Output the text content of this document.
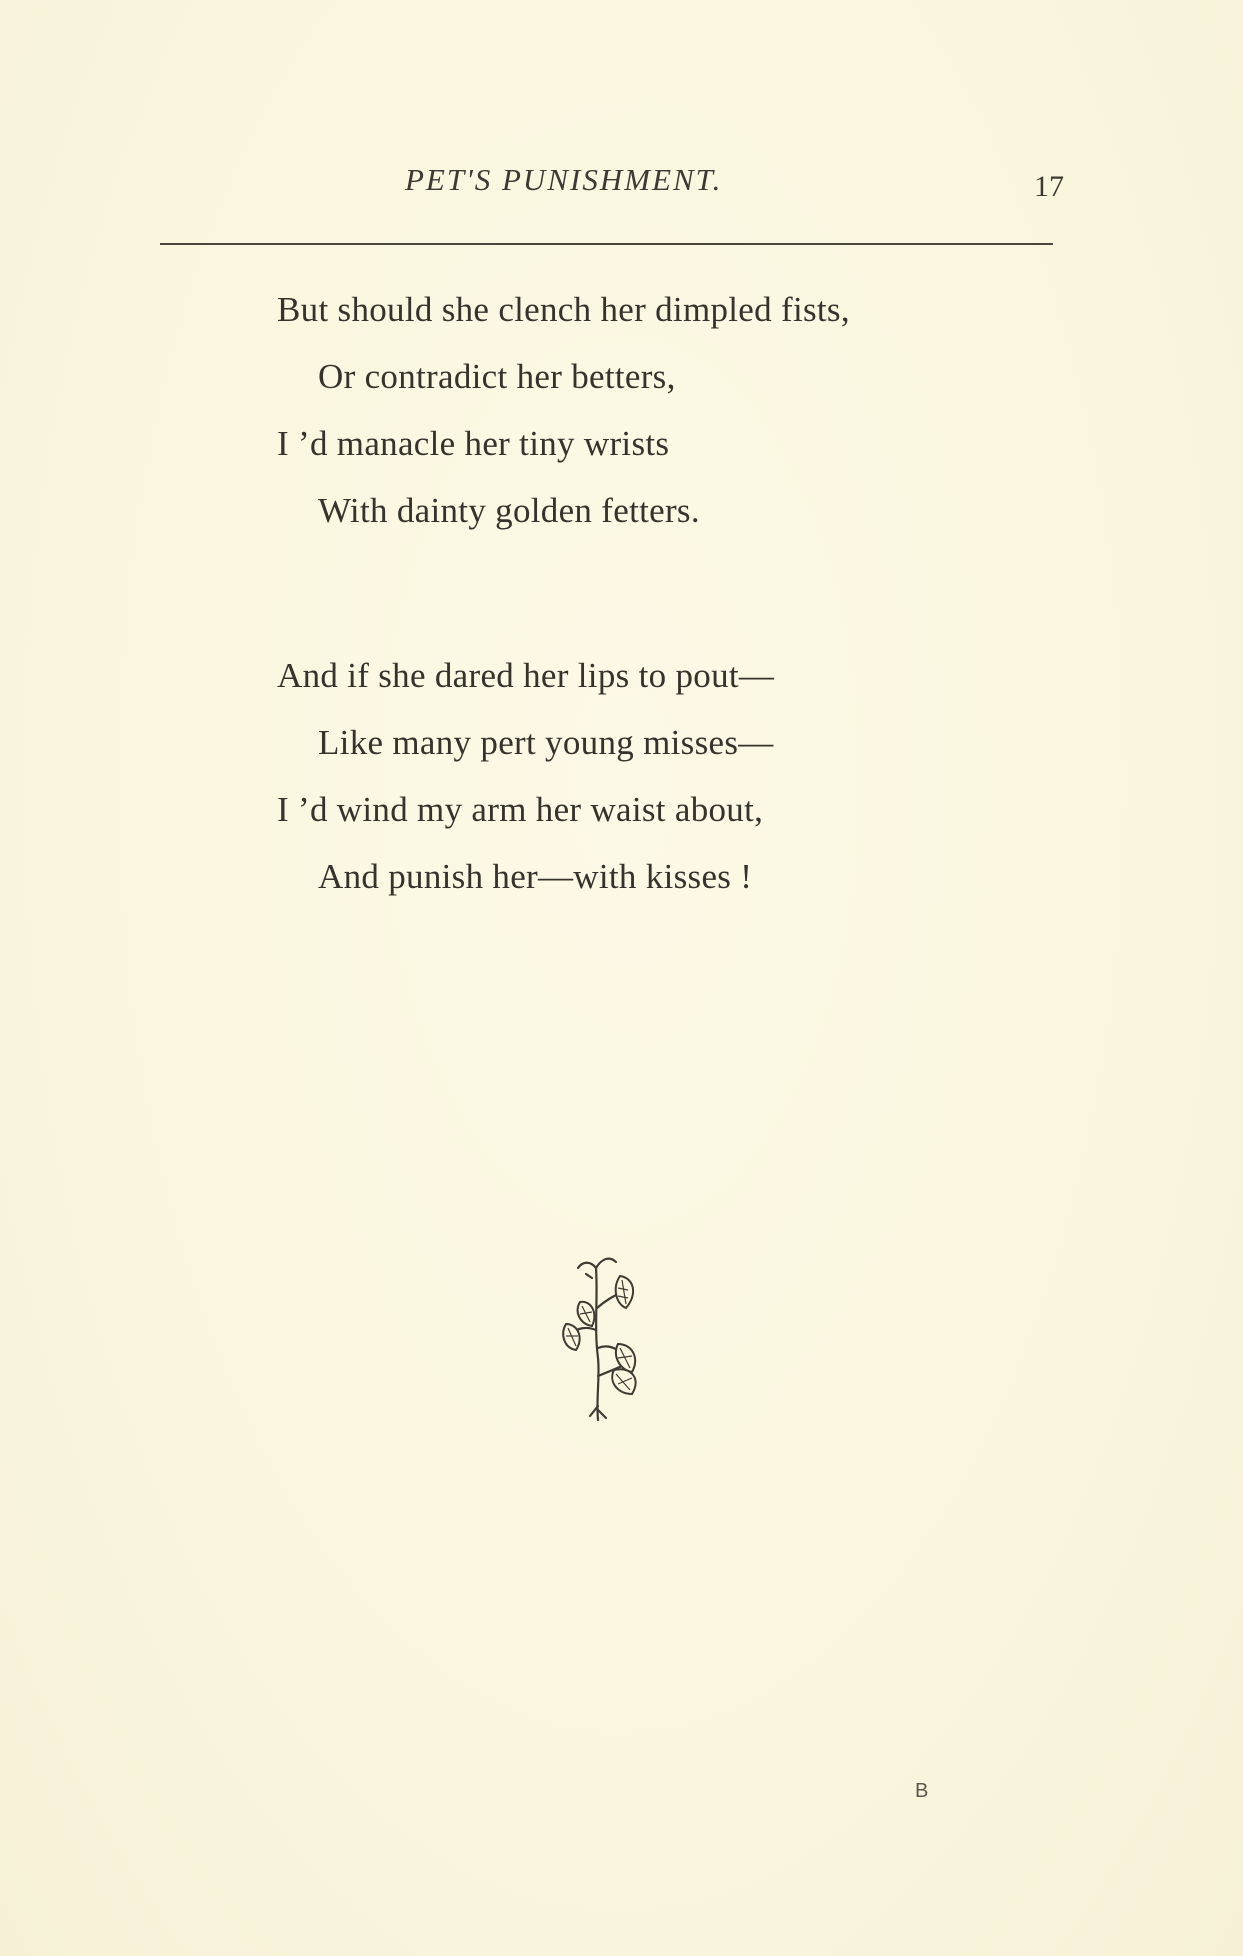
PET'S PUNISHMENT.	17
But should she clench her dimpled fists,
Or contradict her betters,
I ’d manacle her tiny wrists
With dainty golden fetters.
And if she dared her lips to pout—
Like many pert young misses—
I ’d wind my arm her waist about,
And punish her—with kisses !
B
